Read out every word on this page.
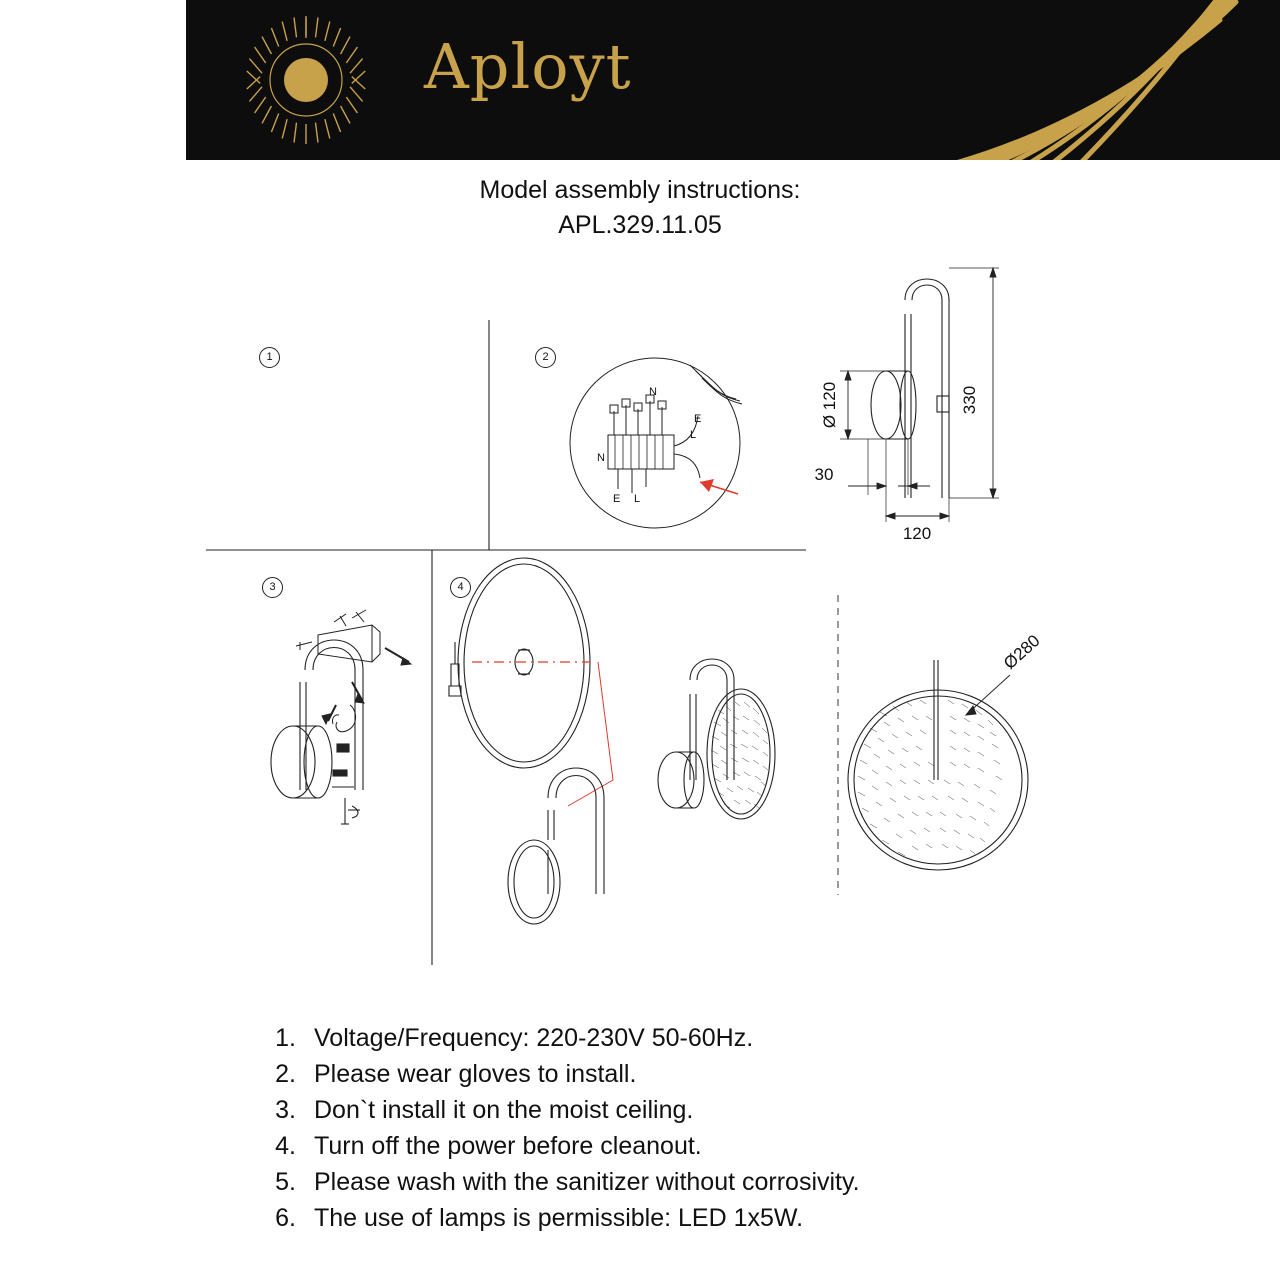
Aployt
Model assembly instructions:
APL.329.11.05
N
E
L
N
E L
330
Ø 120
30
120
Ø280
1	2
3	4
1. Voltage/Frequency: 220-230V 50-60Hz.
2. Please wear gloves to install.
3. Don`t install it on the moist ceiling.
4. Turn off the power before cleanout.
5. Please wash with the sanitizer without corrosivity.
6. The use of lamps is permissible: LED 1x5W.
